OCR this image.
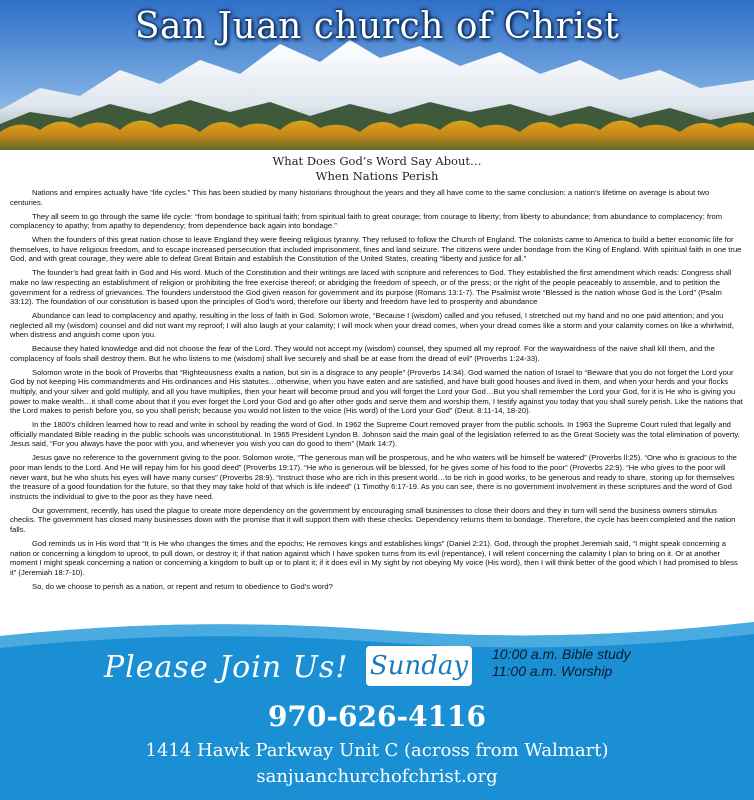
San Juan church of Christ
What Does God’s Word Say About…
When Nations Perish

Nations and empires actually have “life cycles.” This has been studied by many historians throughout the years and they all have come to the same conclusion: a nation’s lifetime on average is about two centuries.

They all seem to go through the same life cycle: “from bondage to spiritual faith; from spiritual faith to great courage; from courage to liberty; from liberty to abundance; from abundance to complacency; from complacency to apathy; from apathy to dependency; from dependence back again into bondage.”

When the founders of this great nation chose to leave England they were fleeing religious tyranny. They refused to follow the Church of England. The colonists came to America to build a better economic life for themselves, to have religious freedom, and to escape increased persecution that included imprisonment, fines and land seizure. The citizens were under bondage from the King of England. With spiritual faith in one true God, and with great courage, they were able to defeat Great Britain and establish the Constitution of the United States, creating “liberty and justice for all.”

The founder’s had great faith in God and His word. Much of the Constitution and their writings are laced with scripture and references to God. They established the first amendment which reads: Congress shall make no law respecting an establishment of religion or prohibiting the free exercise thereof; or abridging the freedom of speech, or of the press; or the right of the people peaceably to assemble, and to petition the government for a redress of grievances. The founders understood the God given reason for government and its purpose (Romans 13:1-7). The Psalmist wrote “Blessed is the nation whose God is the Lord” (Psalm 33:12). The foundation of our constitution is based upon the principles of God’s word, therefore our liberty and freedom have led to prosperity and abundance

Abundance can lead to complacency and apathy, resulting in the loss of faith in God. Solomon wrote, “Because I (wisdom) called and you refused, I stretched out my hand and no one paid attention; and you neglected all my (wisdom) counsel and did not want my reproof; I will also laugh at your calamity; I will mock when your dread comes, when your dread comes like a storm and your calamity comes on like a whirlwind, when distress and anguish come upon you.

Because they hated knowledge and did not choose the fear of the Lord. They would not accept my (wisdom) counsel, they spurned all my reproof. For the waywardness of the naive shall kill them, and the complacency of fools shall destroy them. But he who listens to me (wisdom) shall live securely and shall be at ease from the dread of evil” (Proverbs 1:24-33).

Solomon wrote in the book of Proverbs that “Righteousness exalts a nation, but sin is a disgrace to any people” (Proverbs 14:34). God warned the nation of Israel to “Beware that you do not forget the Lord your God by not keeping His commandments and His ordinances and His statutes…otherwise, when you have eaten and are satisfied, and have built good houses and lived in them, and when your herds and your flocks multiply, and your silver and gold multiply, and all you have multiplies, then your heart will become proud and you will forget the Lord your God…But you shall remember the Lord your God, for it is He who is giving you power to make wealth…it shall come about that if you ever forget the Lord your God and go after other gods and serve them and worship them, I testify against you today that you shall surely perish. Like the nations that the Lord makes to perish before you, so you shall perish; because you would not listen to the voice (His word) of the Lord your God” (Deut. 8:11-14, 18-20).

In the 1800’s children learned how to read and write in school by reading the word of God. In 1962 the Supreme Court removed prayer from the public schools. In 1963 the Supreme Court ruled that legally and officially mandated Bible reading in the public schools was unconstitutional. In 1965 President Lyndon B. Johnson said the main goal of the legislation referred to as the Great Society was the total elimination of poverty. Jesus said, “For you always have the poor with you, and whenever you wish you can do good to them” (Mark 14:7).

Jesus gave no reference to the government giving to the poor. Solomon wrote, “The generous man will be prosperous, and he who waters will be himself be watered” (Proverbs ll:25). “One who is gracious to the poor man lends to the Lord. And He will repay him for his good deed” (Proverbs 19:17). “He who is generous will be blessed, for he gives some of his food to the poor” (Proverbs 22:9). “He who gives to the poor will never want, but he who shuts his eyes will have many curses” (Proverbs 28:9). “Instruct those who are rich in this present world…to be rich in good works, to be generous and ready to share, storing up for themselves the treasure of a good foundation for the future, so that they may take hold of that which is life indeed” (1 Timothy 6:17-19. As you can see, there is no government involvement in these scriptures and the word of God instructs the individual to give to the poor as they have need.

Our government, recently, has used the plague to create more dependency on the government by encouraging small businesses to close their doors and they in turn will send the business owners stimulus checks. The government has closed many businesses down with the promise that it will support them with these checks. Dependency returns them to bondage. Therefore, the cycle has been completed and the nation falls.

God reminds us in His word that “It is He who changes the times and the epochs; He removes kings and establishes kings” (Daniel 2:21). God, through the prophet Jeremiah said, “I might speak concerning a nation or concerning a kingdom to uproot, to pull down, or destroy it; if that nation against which I have spoken turns from its evil (repentance), I will relent concerning the calamity I plan to bring on it. Or at another moment I might speak concerning a nation or concerning a kingdom to built up or to plant it; if it does evil in My sight by not obeying My voice (His word), then I will think better of the good which I had promised to bless it” (Jeremiah 18:7-10).

So, do we choose to perish as a nation, or repent and return to obedience to God’s word?

Please Join Us! Sunday 10:00 a.m. Bible study
11:00 a.m. Worship
970-626-4116
1414 Hawk Parkway Unit C (across from Walmart)
sanjuanchurchofchrist.org
